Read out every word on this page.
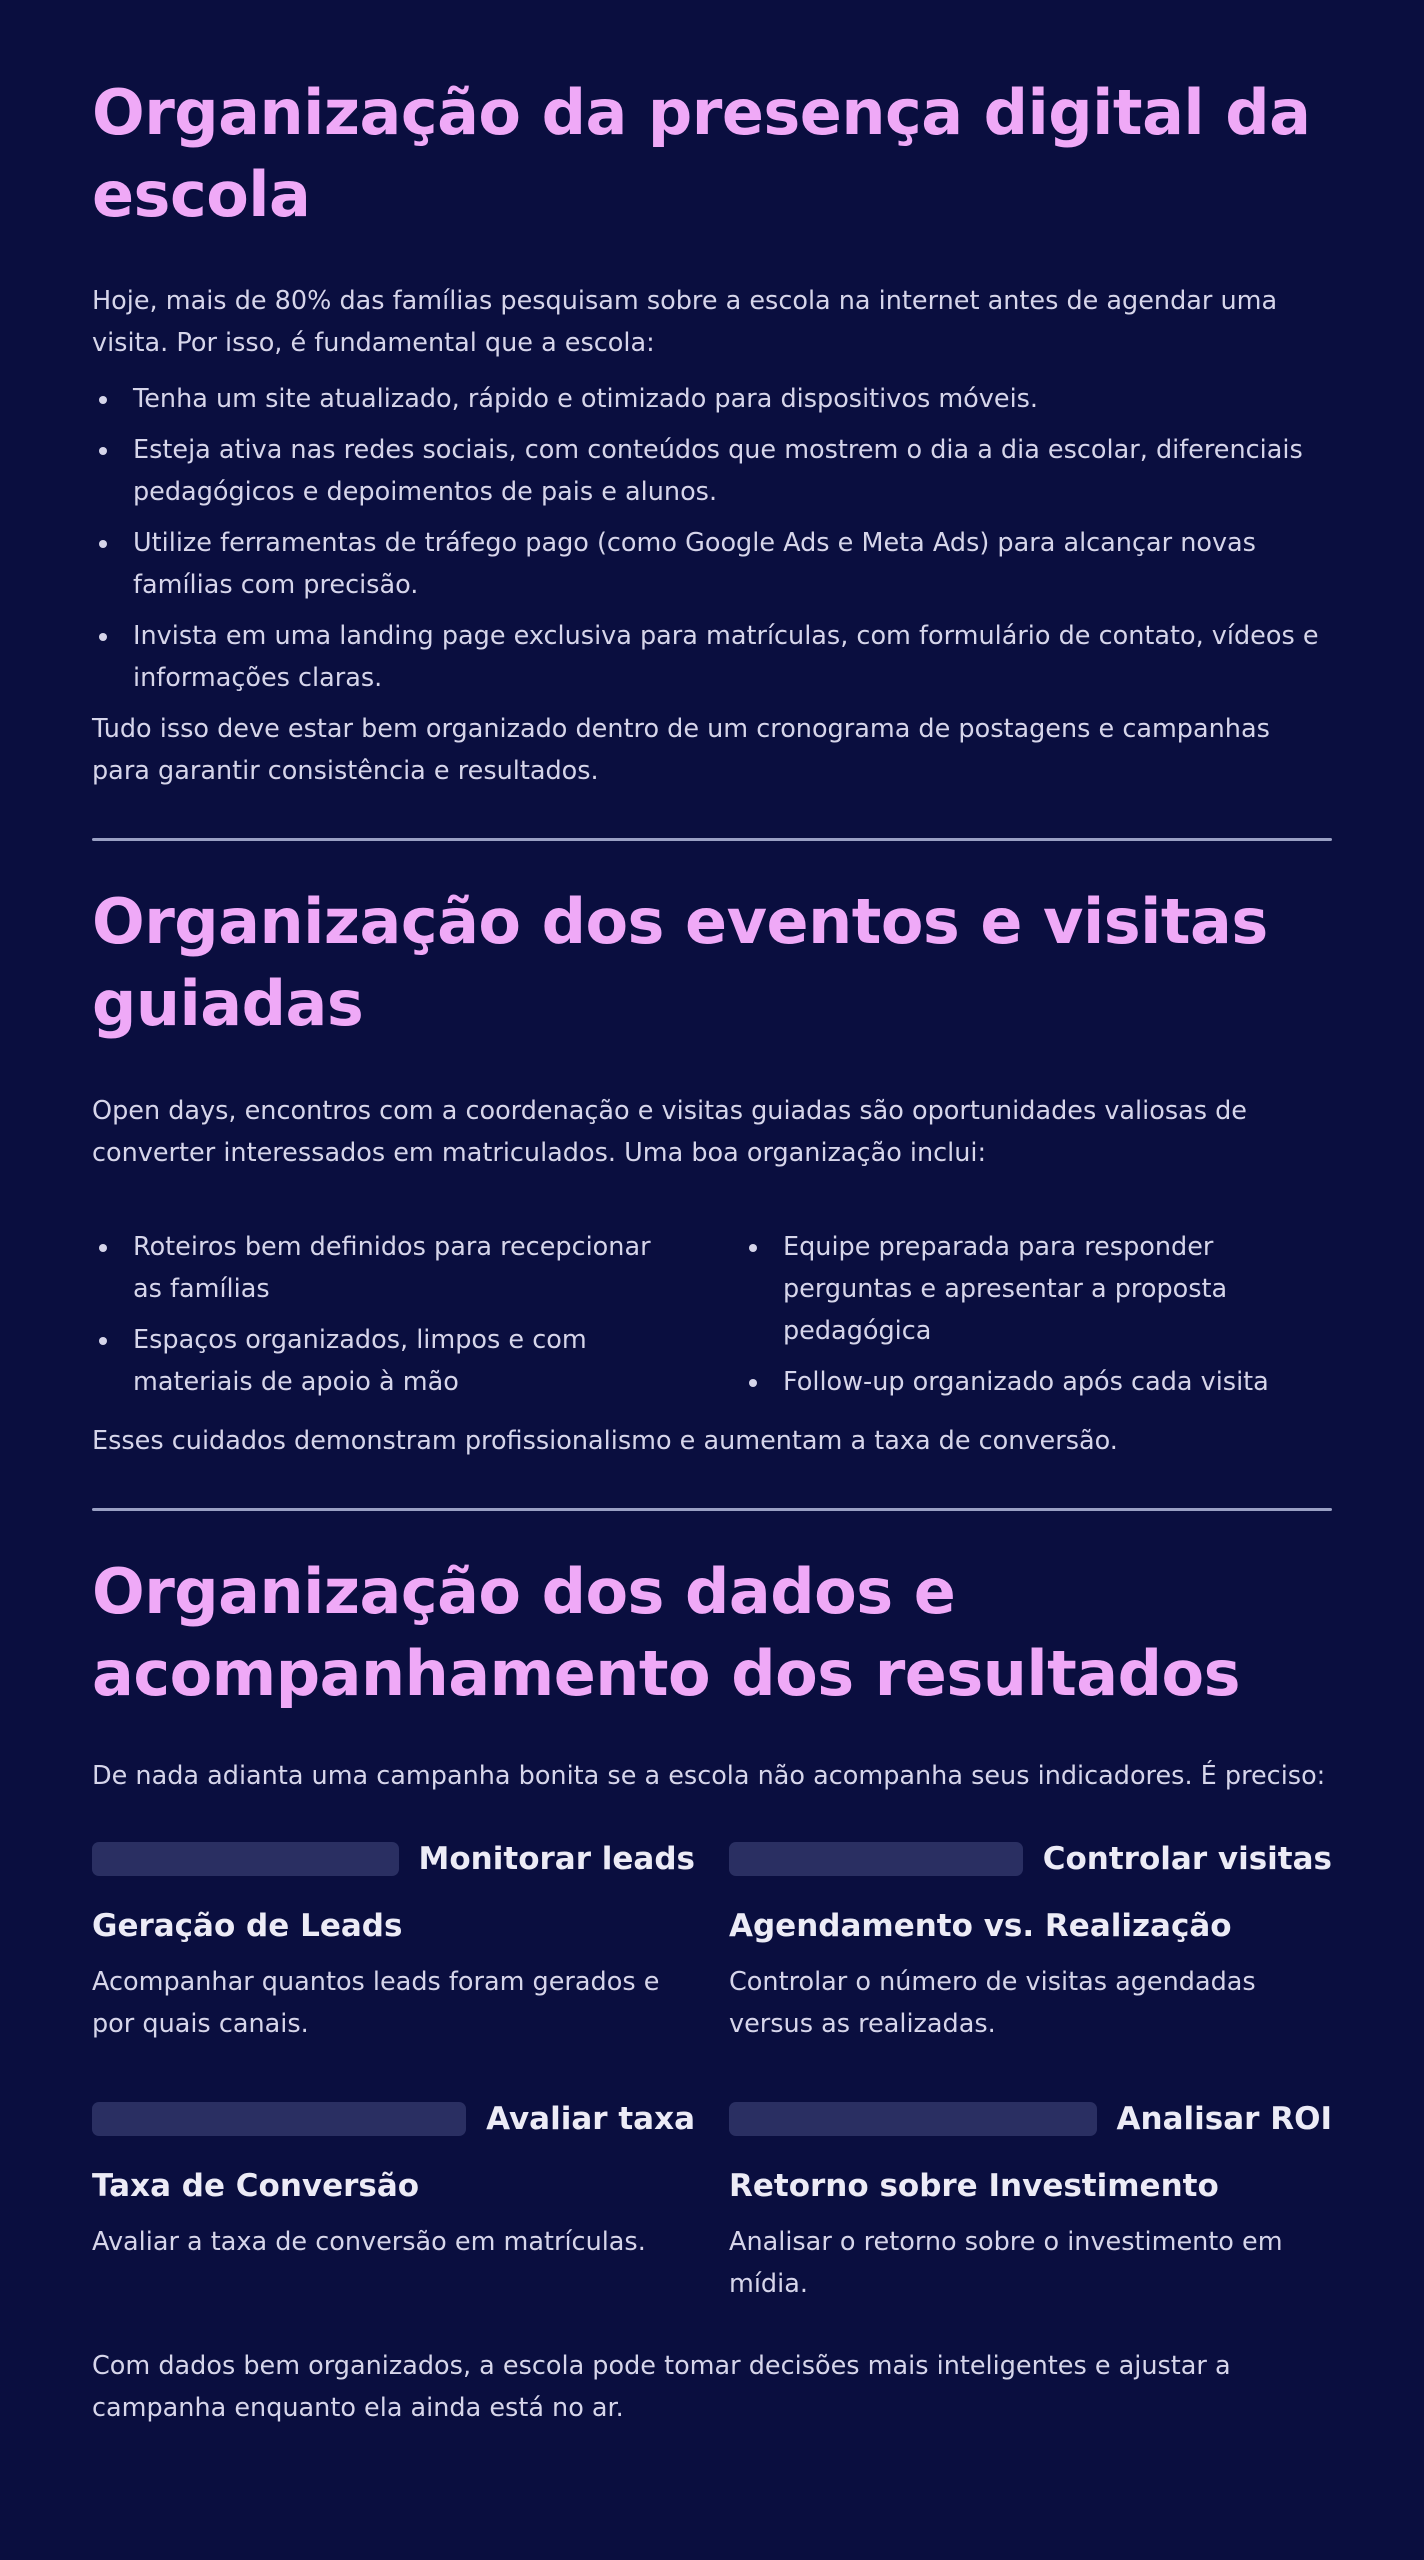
Organização da presença digital da escola

Hoje, mais de 80% das famílias pesquisam sobre a escola na internet antes de agendar uma visita. Por isso, é fundamental que a escola:

Tenha um site atualizado, rápido e otimizado para dispositivos móveis.
Esteja ativa nas redes sociais, com conteúdos que mostrem o dia a dia escolar, diferenciais pedagógicos e depoimentos de pais e alunos.
Utilize ferramentas de tráfego pago (como Google Ads e Meta Ads) para alcançar novas famílias com precisão.
Invista em uma landing page exclusiva para matrículas, com formulário de contato, vídeos e informações claras.

Tudo isso deve estar bem organizado dentro de um cronograma de postagens e campanhas para garantir consistência e resultados.

Organização dos eventos e visitas guiadas

Open days, encontros com a coordenação e visitas guiadas são oportunidades valiosas de converter interessados em matriculados. Uma boa organização inclui:

Roteiros bem definidos para recepcionar as famílias
Espaços organizados, limpos e com materiais de apoio à mão
Equipe preparada para responder perguntas e apresentar a proposta pedagógica
Follow-up organizado após cada visita

Esses cuidados demonstram profissionalismo e aumentam a taxa de conversão.

Organização dos dados e acompanhamento dos resultados

De nada adianta uma campanha bonita se a escola não acompanha seus indicadores. É preciso:

Monitorar leads
Geração de Leads

Acompanhar quantos leads foram gerados e por quais canais.

Controlar visitas
Agendamento vs. Realização

Controlar o número de visitas agendadas versus as realizadas.

Avaliar taxa
Taxa de Conversão

Avaliar a taxa de conversão em matrículas.

Analisar ROI
Retorno sobre Investimento

Analisar o retorno sobre o investimento em mídia.

Com dados bem organizados, a escola pode tomar decisões mais inteligentes e ajustar a campanha enquanto ela ainda está no ar.
